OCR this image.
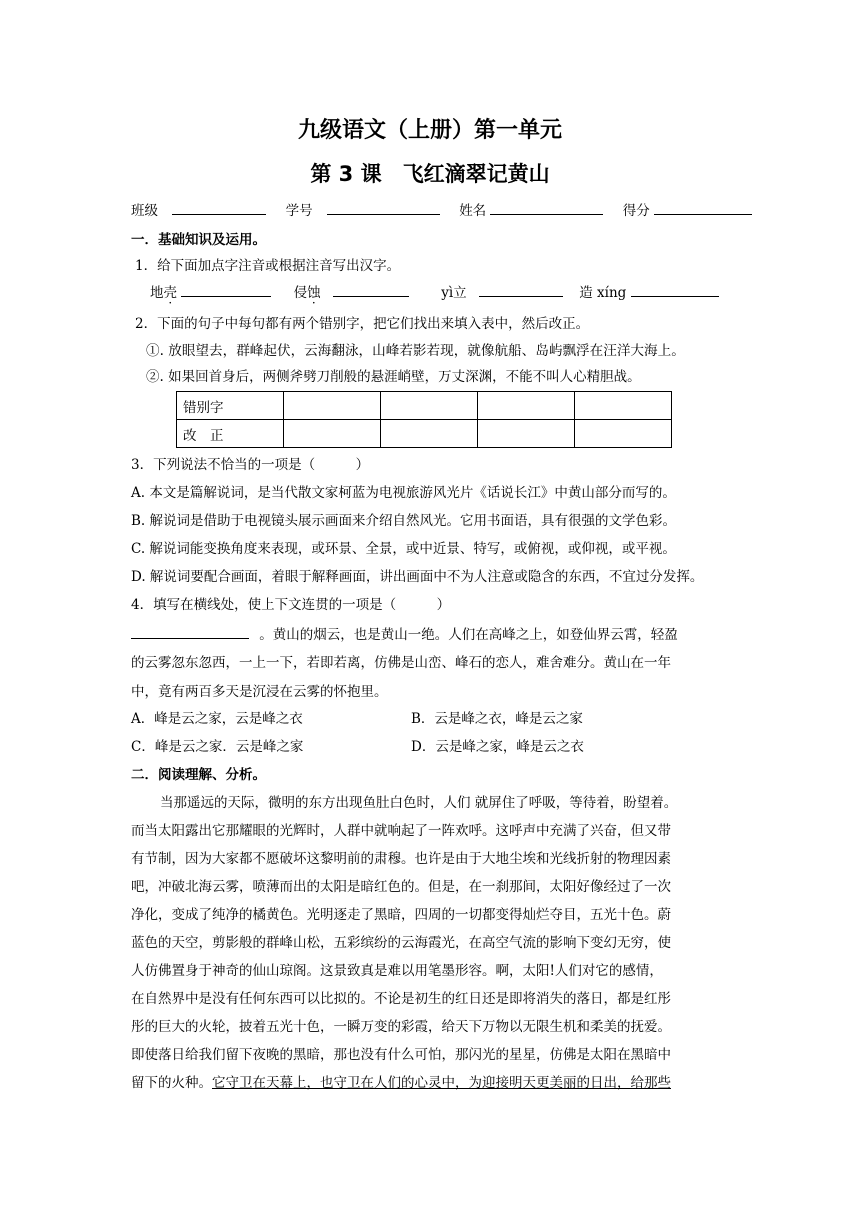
九级语文（上册）第一单元
第 3 课　飞红滴翠记黄山
班级	学号	姓名	得分
一．基础知识及运用。
1．给下面加点字注音或根据注音写出汉字。
地壳	侵蚀	yì立	造 xíng
2．下面的句子中每句都有两个错别字，把它们找出来填入表中，然后改正。
①. 放眼望去，群峰起伏，云海翻泳，山峰若影若现，就像航船、岛屿飘浮在汪洋大海上。
②. 如果回首身后，两侧斧劈刀削般的悬涯峭壁，万丈深渊，不能不叫人心精胆战。
错别字				
改　正				
3．下列说法不恰当的一项是（　　　）
A. 本文是篇解说词，是当代散文家柯蓝为电视旅游风光片《话说长江》中黄山部分而写的。
B. 解说词是借助于电视镜头展示画面来介绍自然风光。它用书面语，具有很强的文学色彩。
C. 解说词能变换角度来表现，或环景、全景，或中近景、特写，或俯视，或仰视，或平视。
D. 解说词要配合画面，着眼于解释画面，讲出画面中不为人注意或隐含的东西，不宜过分发挥。
4．填写在横线处，使上下文连贯的一项是（　　　）
。黄山的烟云，也是黄山一绝。人们在高峰之上，如登仙界云霄，轻盈
的云雾忽东忽西，一上一下，若即若离，仿佛是山峦、峰石的恋人，难舍难分。黄山在一年
中，竟有两百多天是沉浸在云雾的怀抱里。
A．峰是云之家，云是峰之衣	B．云是峰之衣，峰是云之家
C．峰是云之家．云是峰之家	D．云是峰之家，峰是云之衣
二．阅读理解、分析。
当那遥远的天际，微明的东方出现鱼肚白色时，人们 就屏住了呼吸，等待着，盼望着。
而当太阳露出它那耀眼的光辉时，人群中就响起了一阵欢呼。这呼声中充满了兴奋，但又带
有节制，因为大家都不愿破坏这黎明前的肃穆。也许是由于大地尘埃和光线折射的物理因素
吧，冲破北海云雾，喷薄而出的太阳是暗红色的。但是，在一刹那间，太阳好像经过了一次
净化，变成了纯净的橘黄色。光明逐走了黑暗，四周的一切都变得灿烂夺目，五光十色。蔚
蓝色的天空，剪影般的群峰山松，五彩缤纷的云海霞光，在高空气流的影响下变幻无穷，使
人仿佛置身于神奇的仙山琼阁。这景致真是难以用笔墨形容。啊，太阳!人们对它的感情，
在自然界中是没有任何东西可以比拟的。不论是初生的红日还是即将消失的落日，都是红彤
彤的巨大的火轮，披着五光十色，一瞬万变的彩霞，给天下万物以无限生机和柔美的抚爱。
即使落日给我们留下夜晚的黑暗，那也没有什么可怕，那闪光的星星，仿佛是太阳在黑暗中
留下的火种。它守卫在天幕上，也守卫在人们的心灵中，为迎接明天更美丽的日出，给那些
